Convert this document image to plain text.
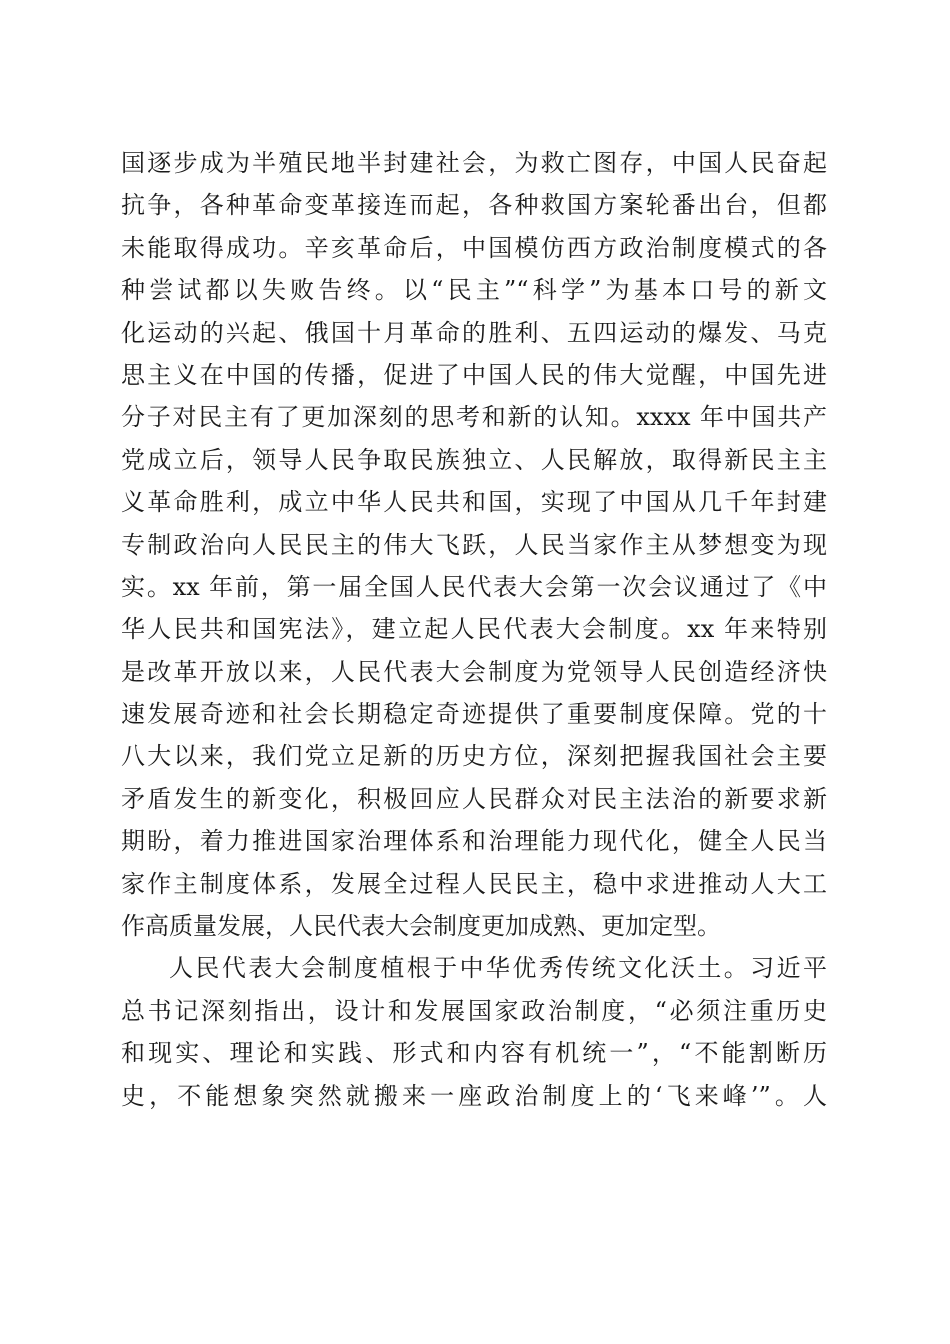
国逐步成为半殖民地半封建社会，为救亡图存，中国人民奋起
抗争，各种革命变革接连而起，各种救国方案轮番出台，但都
未能取得成功。辛亥革命后，中国模仿西方政治制度模式的各
种尝试都以失败告终。以“民主”“科学”为基本口号的新文
化运动的兴起、俄国十月革命的胜利、五四运动的爆发、马克
思主义在中国的传播，促进了中国人民的伟大觉醒，中国先进
分子对民主有了更加深刻的思考和新的认知。xxxx 年中国共产
党成立后，领导人民争取民族独立、人民解放，取得新民主主
义革命胜利，成立中华人民共和国，实现了中国从几千年封建
专制政治向人民民主的伟大飞跃，人民当家作主从梦想变为现
实。xx 年前，第一届全国人民代表大会第一次会议通过了《中
华人民共和国宪法》，建立起人民代表大会制度。xx 年来特别
是改革开放以来，人民代表大会制度为党领导人民创造经济快
速发展奇迹和社会长期稳定奇迹提供了重要制度保障。党的十
八大以来，我们党立足新的历史方位，深刻把握我国社会主要
矛盾发生的新变化，积极回应人民群众对民主法治的新要求新
期盼，着力推进国家治理体系和治理能力现代化，健全人民当
家作主制度体系，发展全过程人民民主，稳中求进推动人大工
作高质量发展，人民代表大会制度更加成熟、更加定型。
人民代表大会制度植根于中华优秀传统文化沃土。习近平
总书记深刻指出，设计和发展国家政治制度，“必须注重历史
和现实、理论和实践、形式和内容有机统一”，“不能割断历
史，不能想象突然就搬来一座政治制度上的‘飞来峰’”。人
